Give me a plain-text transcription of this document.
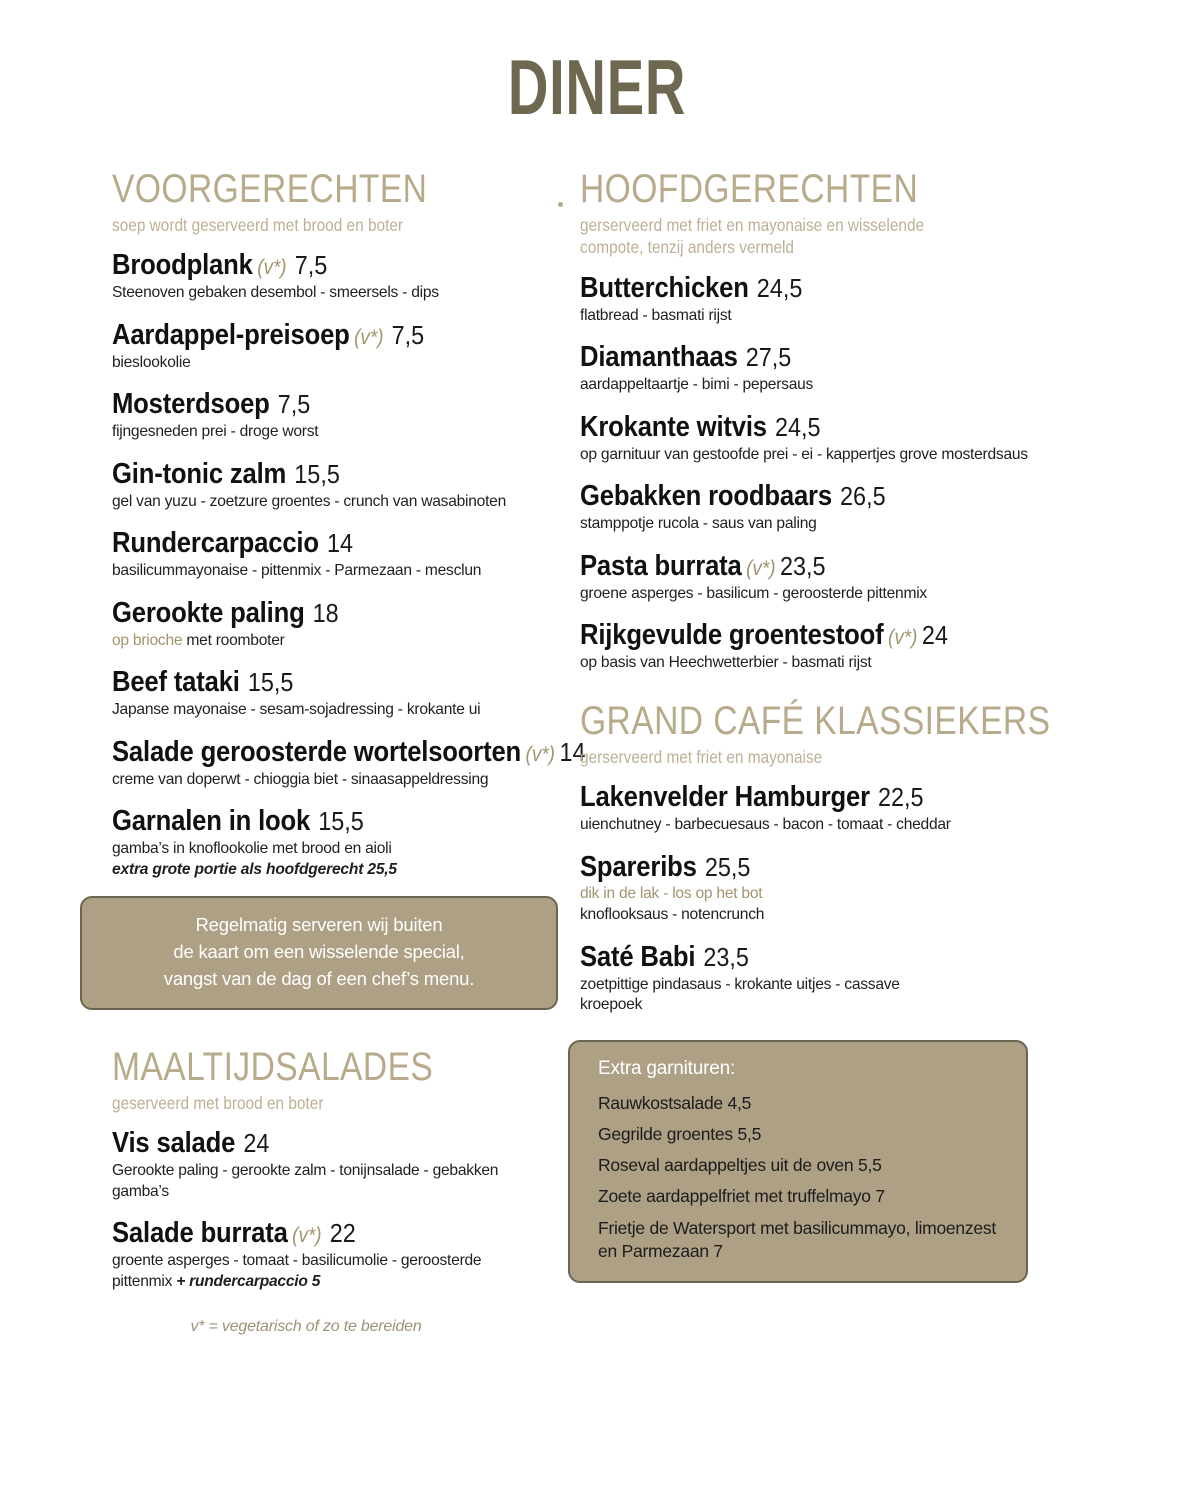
DINER
VOORGERECHTEN
soep wordt geserveerd met brood en boter
Broodplank (v*) 7,5
Steenoven gebaken desembol - smeersels - dips
Aardappel-preisoep (v*) 7,5
bieslookolie
Mosterdsoep 7,5
fijngesneden prei - droge worst
Gin-tonic zalm 15,5
gel van yuzu - zoetzure groentes - crunch van wasabinoten
Rundercarpaccio 14
basilicummayonaise - pittenmix - Parmezaan - mesclun
Gerookte paling 18
op brioche met roomboter
Beef tataki 15,5
Japanse mayonaise - sesam-sojadressing - krokante ui
Salade geroosterde wortelsoorten (v*) 14
creme van doperwt - chioggia biet - sinaasappeldressing
Garnalen in look 15,5
gamba’s in knoflookolie met brood en aioli
extra grote portie als hoofdgerecht 25,5
Regelmatig serveren wij buiten
de kaart om een wisselende special,
vangst van de dag of een chef’s menu.
MAALTIJDSALADES
geserveerd met brood en boter
Vis salade 24
Gerookte paling - gerookte zalm - tonijnsalade - gebakken gamba’s
Salade burrata (v*) 22
groente asperges - tomaat - basilicumolie - geroosterde pittenmix + rundercarpaccio 5
v* = vegetarisch of zo te bereiden
HOOFDGERECHTEN
gerserveerd met friet en mayonaise en wisselende compote, tenzij anders vermeld
Butterchicken 24,5
flatbread - basmati rijst
Diamanthaas 27,5
aardappeltaartje - bimi - pepersaus
Krokante witvis 24,5
op garnituur van gestoofde prei - ei - kappertjes grove mosterdsaus
Gebakken roodbaars 26,5
stamppotje rucola - saus van paling
Pasta burrata (v*) 23,5
groene asperges - basilicum - geroosterde pittenmix
Rijkgevulde groentestoof (v*) 24
op basis van Heechwetterbier - basmati rijst
GRAND CAFÉ KLASSIEKERS
gerserveerd met friet en mayonaise
Lakenvelder Hamburger 22,5
uienchutney - barbecuesaus - bacon - tomaat - cheddar
Spareribs 25,5
dik in de lak - los op het bot
knoflooksaus - notencrunch
Saté Babi 23,5
zoetpittige pindasaus - krokante uitjes - cassave kroepoek
Extra garnituren:
Rauwkostsalade 4,5
Gegrilde groentes 5,5
Roseval aardappeltjes uit de oven 5,5
Zoete aardappelfriet met truffelmayo 7
Frietje de Watersport met basilicummayo, limoenzest en Parmezaan 7
